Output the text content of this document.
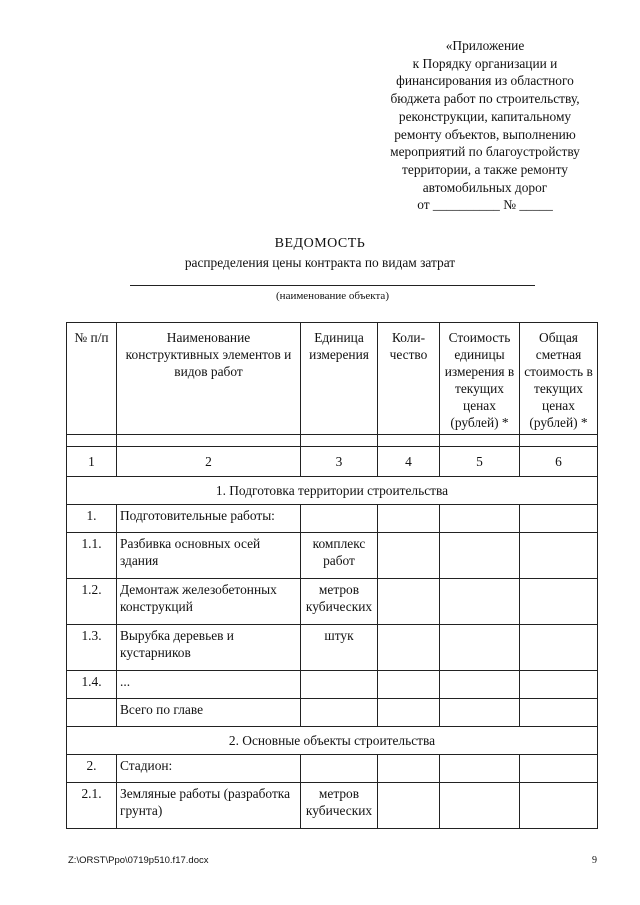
«Приложение
к Порядку организации и
финансирования из областного
бюджета работ по строительству,
реконструкции, капитальному
ремонту объектов, выполнению
мероприятий по благоустройству
территории, а также ремонту
автомобильных дорог
от __________ № _____
ВЕДОМОСТЬ
распределения цены контракта по видам затрат
(наименование объекта)
№ п/п	Наименование конструктивных элементов и видов работ	Единица измерения	Коли-чество	Стоимость единицы измерения в текущих ценах (рублей) *	Общая сметная стоимость в текущих ценах (рублей) *

1	2	3	4	5	6
1. Подготовка территории строительства					
1.	Подготовительные работы:				
1.1.	Разбивка основных осей здания	комплекс работ			
1.2.	Демонтаж железобетонных конструкций	метров кубических			
1.3.	Вырубка деревьев и кустарников	штук			
1.4.	...				
	Всего по главе				
2. Основные объекты строительства					
2.	Стадион:				
2.1.	Земляные работы (разработка грунта)	метров кубических			
Z:\ORST\Ppo\0719p510.f17.docx	9
